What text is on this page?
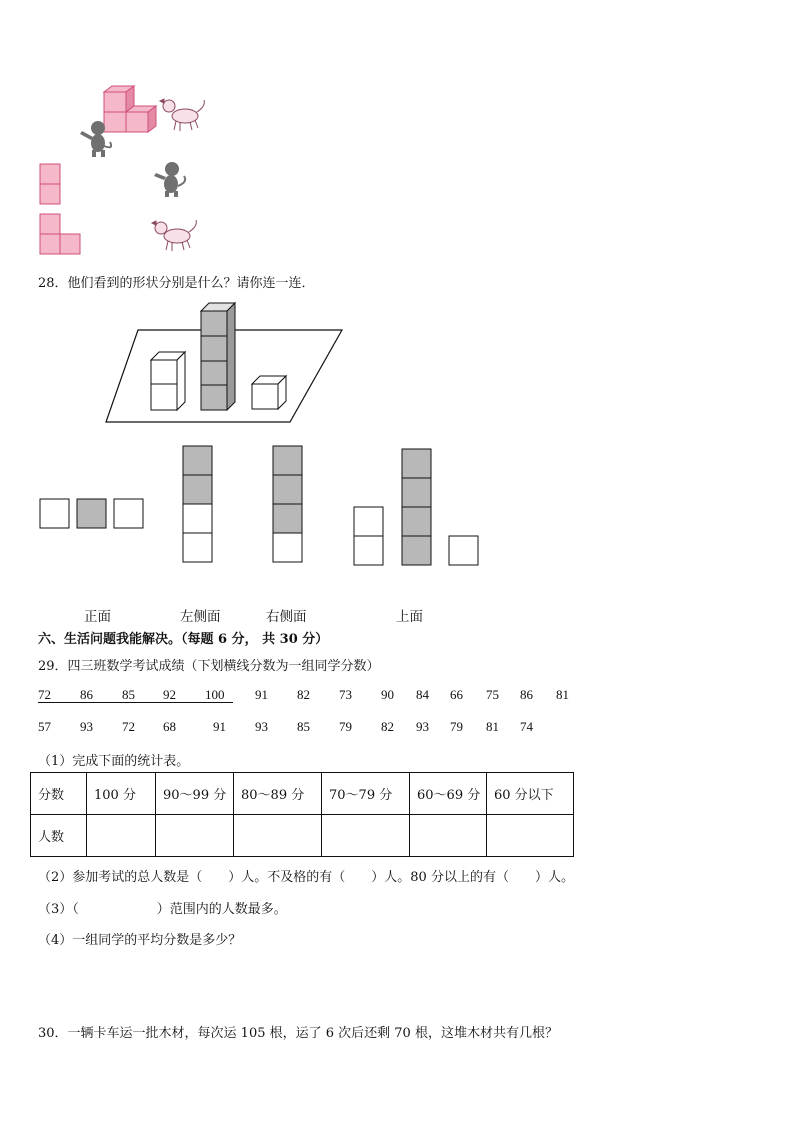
28．他们看到的形状分别是什么？请你连一连．
正面	左侧面	右侧面	上面
六、生活问题我能解决。（每题 6 分， 共 30 分）
29．四三班数学考试成绩（下划横线分数为一组同学分数）
72 86 85 92 100 91 82 73 90 84 66 75 86 81
57 93 72 68	91 93 85 79 82 93 79 81 74
（1）完成下面的统计表。
分数	100 分	90～99 分	80～89 分	70～79 分	60～69 分	60 分以下
人数						
（2）参加考试的总人数是（　　）人。不及格的有（　　）人。80 分以上的有（　　）人。
（3）（　　　　　　）范围内的人数最多。
（4）一组同学的平均分数是多少？
30．一辆卡车运一批木材，每次运 105 根，运了 6 次后还剩 70 根，这堆木材共有几根？
